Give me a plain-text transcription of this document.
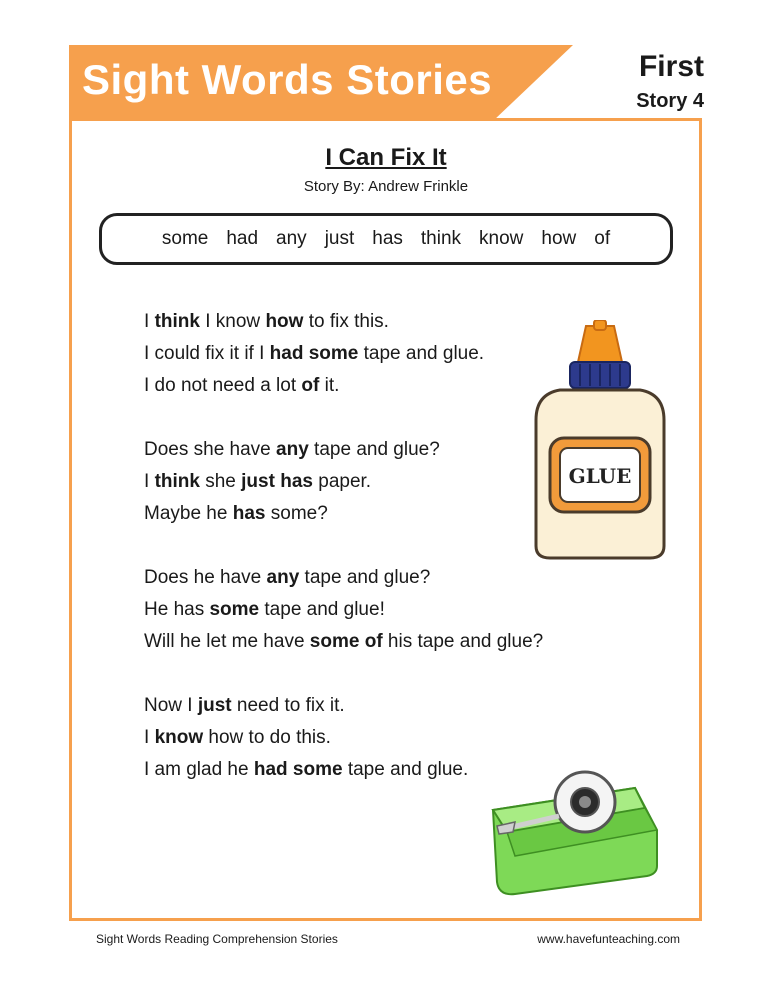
Sight Words Stories	First
Story 4
I Can Fix It
Story By: Andrew Frinkle
some had any just has think know how of
I think I know how to fix this.
I could fix it if I had some tape and glue.
I do not need a lot of it.
Does she have any tape and glue?
I think she just has paper.
Maybe he has some?
Does he have any tape and glue?
He has some tape and glue!
Will he let me have some of his tape and glue?
Now I just need to fix it.
I know how to do this.
I am glad he had some tape and glue.
GLUE
Sight Words Reading Comprehension Stories	www.havefunteaching.com
